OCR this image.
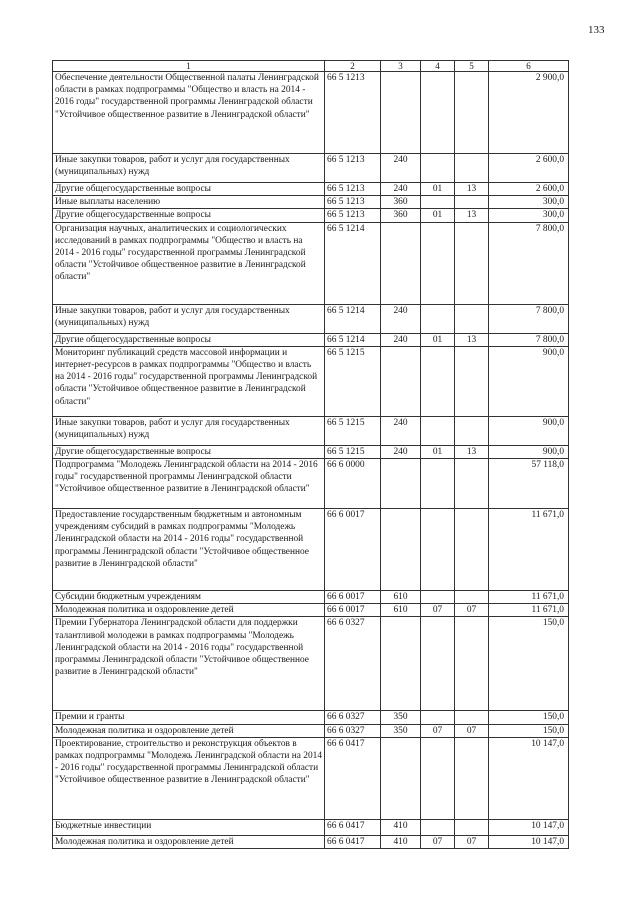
133
1	2	3	4	5	6
Обеспечение деятельности Общественной палаты Ленинградской области в рамках подпрограммы "Общество и власть на 2014 - 2016 годы" государственной программы Ленинградской области "Устойчивое общественное развитие в Ленинградской области"	66 5 1213				2 900,0
Иные закупки товаров, работ и услуг для государственных (муниципальных) нужд	66 5 1213	240			2 600,0
Другие общегосударственные вопросы	66 5 1213	240	01	13	2 600,0
Иные выплаты населению	66 5 1213	360			300,0
Другие общегосударственные вопросы	66 5 1213	360	01	13	300,0
Организация научных, аналитических и социологических исследований в рамках подпрограммы "Общество и власть на 2014 - 2016 годы" государственной программы Ленинградской области "Устойчивое общественное развитие в Ленинградской области"	66 5 1214				7 800,0
Иные закупки товаров, работ и услуг для государственных (муниципальных) нужд	66 5 1214	240			7 800,0
Другие общегосударственные вопросы	66 5 1214	240	01	13	7 800,0
Мониторинг публикаций средств массовой информации и интернет-ресурсов в рамках подпрограммы "Общество и власть на 2014 - 2016 годы" государственной программы Ленинградской области "Устойчивое общественное развитие в Ленинградской области"	66 5 1215				900,0
Иные закупки товаров, работ и услуг для государственных (муниципальных) нужд	66 5 1215	240			900,0
Другие общегосударственные вопросы	66 5 1215	240	01	13	900,0
Подпрограмма "Молодежь Ленинградской области на 2014 - 2016 годы" государственной программы Ленинградской области "Устойчивое общественное развитие в Ленинградской области"	66 6 0000				57 118,0
Предоставление государственным бюджетным и автономным учреждениям субсидий в рамках подпрограммы "Молодежь Ленинградской области на 2014 - 2016 годы" государственной программы Ленинградской области "Устойчивое общественное развитие в Ленинградской области"	66 6 0017				11 671,0
Субсидии бюджетным учреждениям	66 6 0017	610			11 671,0
Молодежная политика и оздоровление детей	66 6 0017	610	07	07	11 671,0
Премии Губернатора Ленинградской области для поддержки талантливой молодежи в рамках подпрограммы "Молодежь Ленинградской области на 2014 - 2016 годы" государственной программы Ленинградской области "Устойчивое общественное развитие в Ленинградской области"	66 6 0327				150,0
Премии и гранты	66 6 0327	350			150,0
Молодежная политика и оздоровление детей	66 6 0327	350	07	07	150,0
Проектирование, строительство и реконструкция объектов в рамках подпрограммы "Молодежь Ленинградской области на 2014 - 2016 годы" государственной программы Ленинградской области "Устойчивое общественное развитие в Ленинградской области"	66 6 0417				10 147,0
Бюджетные инвестиции	66 6 0417	410			10 147,0
Молодежная политика и оздоровление детей	66 6 0417	410	07	07	10 147,0
